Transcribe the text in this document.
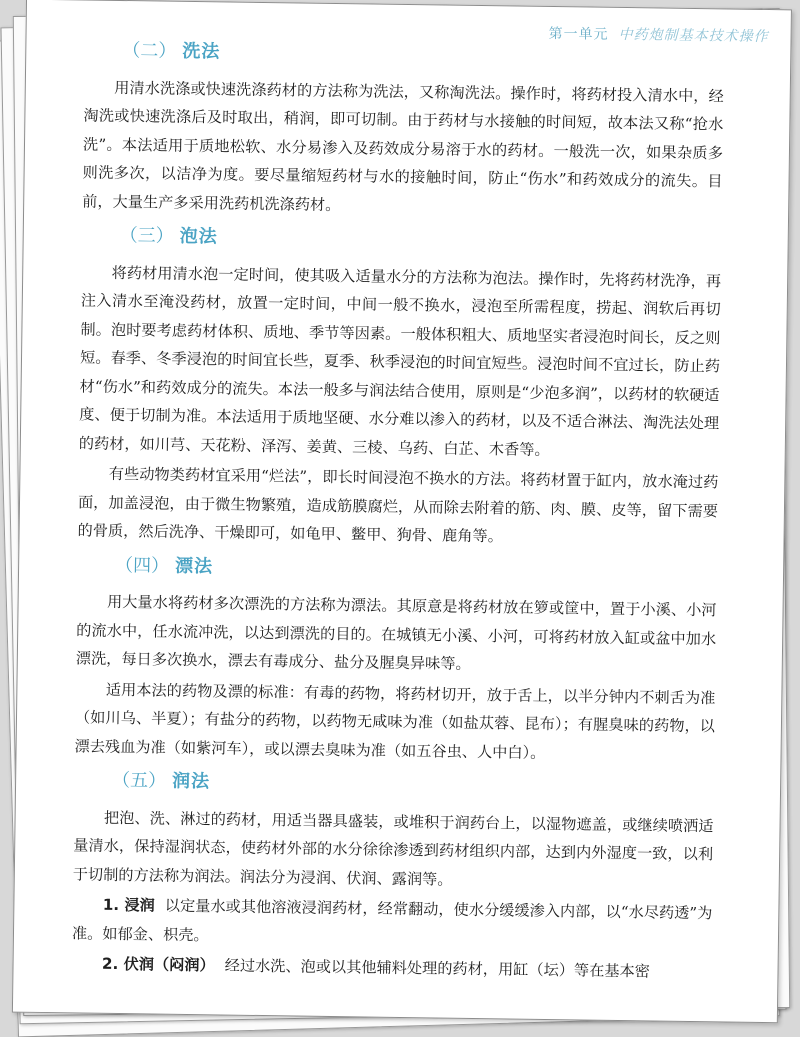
第一单元 中药炮制基本技术操作
（二） 洗法

用清水洗涤或快速洗涤药材的方法称为洗法，又称淘洗法。操作时，将药材投入清水中，经淘洗或快速洗涤后及时取出，稍润，即可切制。由于药材与水接触的时间短，故本法又称“抢水洗”。本法适用于质地松软、水分易渗入及药效成分易溶于水的药材。一般洗一次，如果杂质多则洗多次，以洁净为度。要尽量缩短药材与水的接触时间，防止“伤水”和药效成分的流失。目前，大量生产多采用洗药机洗涤药材。

（三） 泡法

将药材用清水泡一定时间，使其吸入适量水分的方法称为泡法。操作时，先将药材洗净，再注入清水至淹没药材，放置一定时间，中间一般不换水，浸泡至所需程度，捞起、润软后再切制。泡时要考虑药材体积、质地、季节等因素。一般体积粗大、质地坚实者浸泡时间长，反之则短。春季、冬季浸泡的时间宜长些，夏季、秋季浸泡的时间宜短些。浸泡时间不宜过长，防止药材“伤水”和药效成分的流失。本法一般多与润法结合使用，原则是“少泡多润”，以药材的软硬适度、便于切制为准。本法适用于质地坚硬、水分难以渗入的药材，以及不适合淋法、淘洗法处理的药材，如川芎、天花粉、泽泻、姜黄、三棱、乌药、白芷、木香等。

有些动物类药材宜采用“烂法”，即长时间浸泡不换水的方法。将药材置于缸内，放水淹过药面，加盖浸泡，由于微生物繁殖，造成筋膜腐烂，从而除去附着的筋、肉、膜、皮等，留下需要的骨质，然后洗净、干燥即可，如龟甲、鳖甲、狗骨、鹿角等。

（四） 漂法

用大量水将药材多次漂洗的方法称为漂法。其原意是将药材放在箩或筐中，置于小溪、小河的流水中，任水流冲洗，以达到漂洗的目的。在城镇无小溪、小河，可将药材放入缸或盆中加水漂洗，每日多次换水，漂去有毒成分、盐分及腥臭异味等。

适用本法的药物及漂的标准：有毒的药物，将药材切开，放于舌上，以半分钟内不刺舌为准（如川乌、半夏）；有盐分的药物，以药物无咸味为准（如盐苁蓉、昆布）；有腥臭味的药物，以漂去残血为准（如紫河车），或以漂去臭味为准（如五谷虫、人中白）。

（五） 润法

把泡、洗、淋过的药材，用适当器具盛装，或堆积于润药台上，以湿物遮盖，或继续喷洒适量清水，保持湿润状态，使药材外部的水分徐徐渗透到药材组织内部，达到内外湿度一致，以利于切制的方法称为润法。润法分为浸润、伏润、露润等。

1. 浸润 以定量水或其他溶液浸润药材，经常翻动，使水分缓缓渗入内部，以“水尽药透”为准。如郁金、枳壳。

2. 伏润（闷润） 经过水洗、泡或以其他辅料处理的药材，用缸（坛）等在基本密
